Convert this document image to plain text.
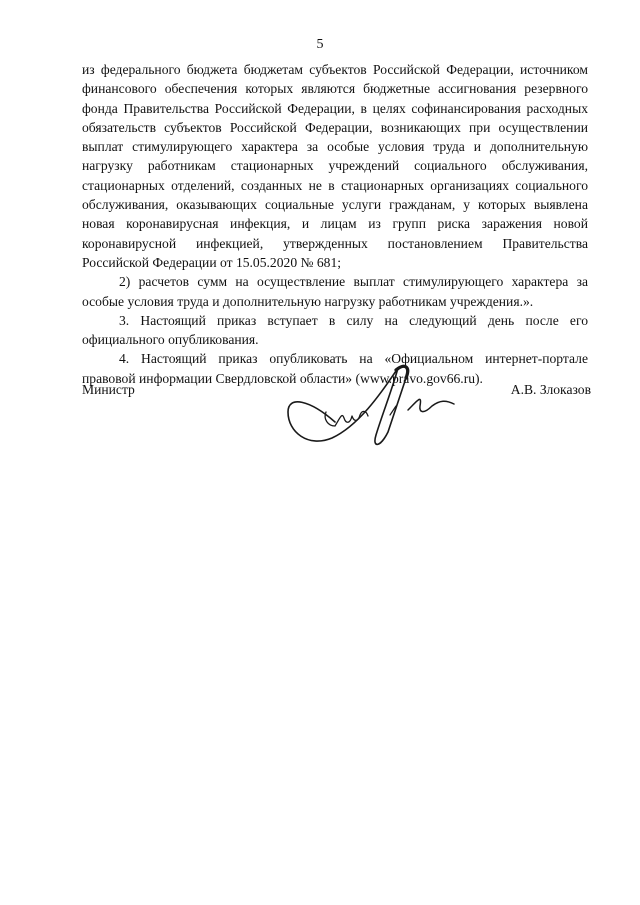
5

из федерального бюджета бюджетам субъектов Российской Федерации, источником финансового обеспечения которых являются бюджетные ассигнования резервного фонда Правительства Российской Федерации, в целях софинансирования расходных обязательств субъектов Российской Федерации, возникающих при осуществлении выплат стимулирующего характера за особые условия труда и дополнительную нагрузку работникам стационарных учреждений социального обслуживания, стационарных отделений, созданных не в стационарных организациях социального обслуживания, оказывающих социальные услуги гражданам, у которых выявлена новая коронавирусная инфекция, и лицам из групп риска заражения новой коронавирусной инфекцией, утвержденных постановлением Правительства Российской Федерации от 15.05.2020 № 681;

2) расчетов сумм на осуществление выплат стимулирующего характера за особые условия труда и дополнительную нагрузку работникам учреждения.».

3. Настоящий приказ вступает в силу на следующий день после его официального опубликования.

4. Настоящий приказ опубликовать на «Официальном интернет-портале правовой информации Свердловской области» (www.pravo.gov66.ru).

Министр	А.В. Злоказов
